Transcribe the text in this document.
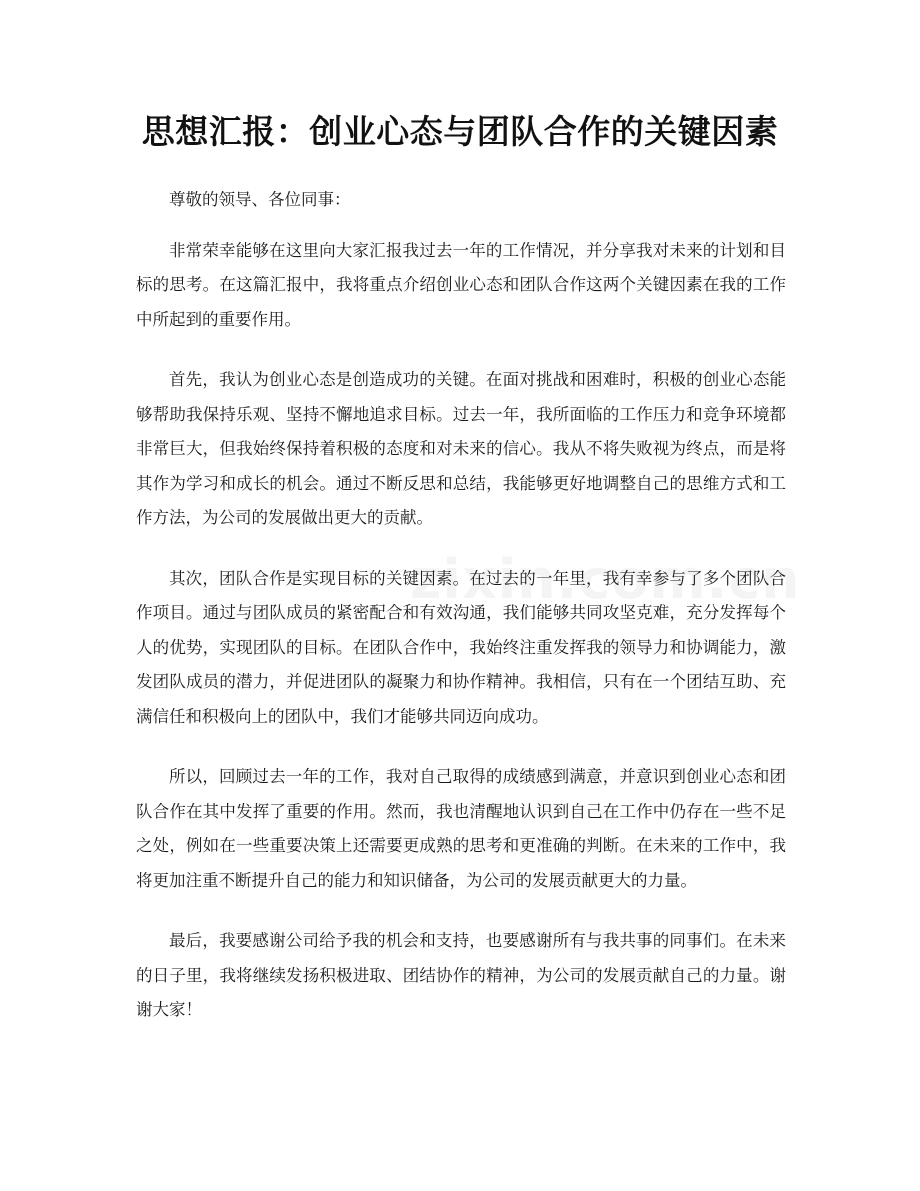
思想汇报：创业心态与团队合作的关键因素

尊敬的领导、各位同事：

非常荣幸能够在这里向大家汇报我过去一年的工作情况，并分享我对未来的计划和目标的思考。在这篇汇报中，我将重点介绍创业心态和团队合作这两个关键因素在我的工作中所起到的重要作用。

首先，我认为创业心态是创造成功的关键。在面对挑战和困难时，积极的创业心态能够帮助我保持乐观、坚持不懈地追求目标。过去一年，我所面临的工作压力和竞争环境都非常巨大，但我始终保持着积极的态度和对未来的信心。我从不将失败视为终点，而是将其作为学习和成长的机会。通过不断反思和总结，我能够更好地调整自己的思维方式和工作方法，为公司的发展做出更大的贡献。

其次，团队合作是实现目标的关键因素。在过去的一年里，我有幸参与了多个团队合作项目。通过与团队成员的紧密配合和有效沟通，我们能够共同攻坚克难，充分发挥每个人的优势，实现团队的目标。在团队合作中，我始终注重发挥我的领导力和协调能力，激发团队成员的潜力，并促进团队的凝聚力和协作精神。我相信，只有在一个团结互助、充满信任和积极向上的团队中，我们才能够共同迈向成功。

所以，回顾过去一年的工作，我对自己取得的成绩感到满意，并意识到创业心态和团队合作在其中发挥了重要的作用。然而，我也清醒地认识到自己在工作中仍存在一些不足之处，例如在一些重要决策上还需要更成熟的思考和更准确的判断。在未来的工作中，我将更加注重不断提升自己的能力和知识储备，为公司的发展贡献更大的力量。

最后，我要感谢公司给予我的机会和支持，也要感谢所有与我共事的同事们。在未来的日子里，我将继续发扬积极进取、团结协作的精神，为公司的发展贡献自己的力量。谢谢大家！
